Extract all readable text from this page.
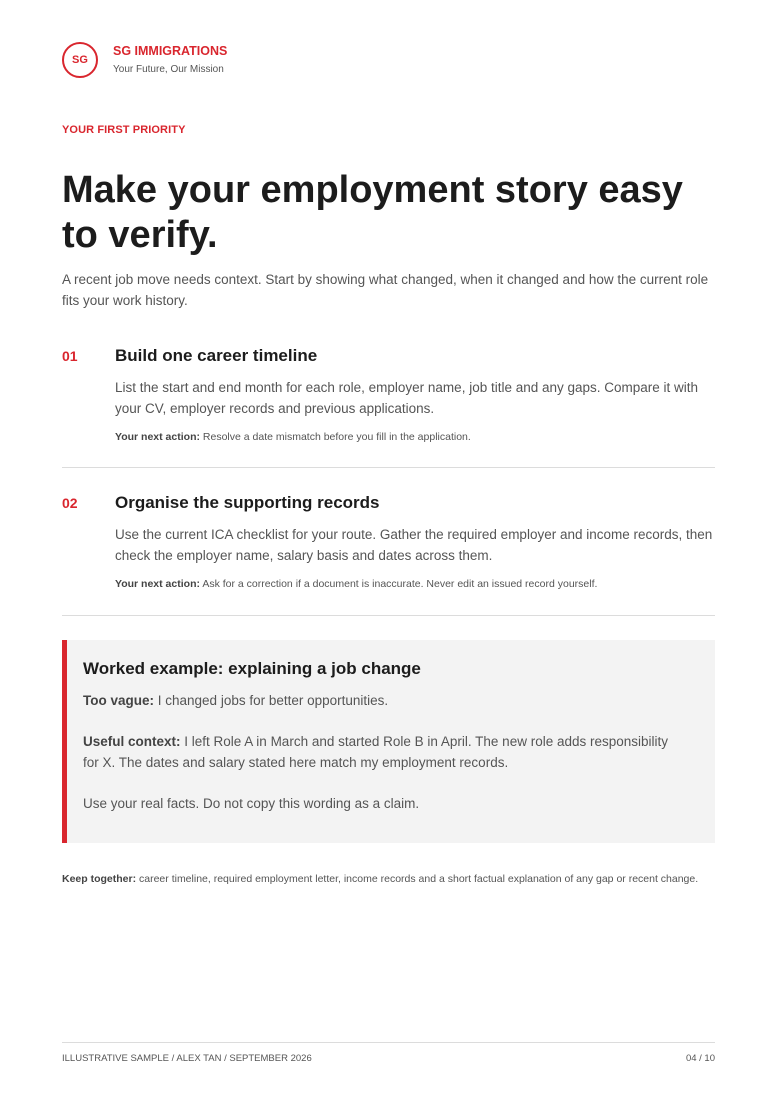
SG
SG IMMIGRATIONS
Your Future, Our Mission
YOUR FIRST PRIORITY
Make your employment story easy to verify.

A recent job move needs context. Start by showing what changed, when it changed and how the current role fits your work history.

01 Build one career timeline
List the start and end month for each role, employer name, job title and any gaps. Compare it with your CV, employer records and previous applications.
Your next action: Resolve a date mismatch before you fill in the application.
02 Organise the supporting records
Use the current ICA checklist for your route. Gather the required employer and income records, then check the employer name, salary basis and dates across them.
Your next action: Ask for a correction if a document is inaccurate. Never edit an issued record yourself.
Worked example: explaining a job change

Too vague: I changed jobs for better opportunities.

Useful context: I left Role A in March and started Role B in April. The new role adds responsibility for X. The dates and salary stated here match my employment records.

Use your real facts. Do not copy this wording as a claim.

Keep together: career timeline, required employment letter, income records and a short factual explanation of any gap or recent change.

ILLUSTRATIVE SAMPLE / ALEX TAN / SEPTEMBER 2026	04 / 10
